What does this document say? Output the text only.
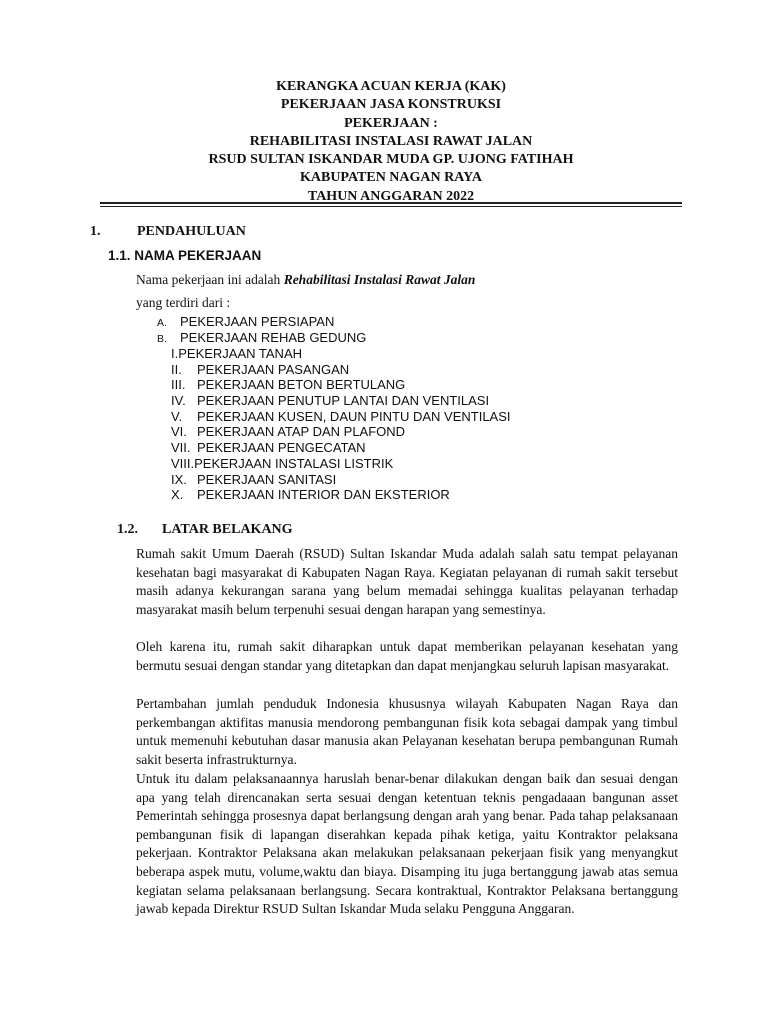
KERANGKA ACUAN KERJA (KAK)
PEKERJAAN JASA KONSTRUKSI
PEKERJAAN :
REHABILITASI INSTALASI RAWAT JALAN
RSUD SULTAN ISKANDAR MUDA GP. UJONG FATIHAH
KABUPATEN NAGAN RAYA
TAHUN ANGGARAN 2022
1.	PENDAHULUAN
1.1. NAMA PEKERJAAN
Nama pekerjaan ini adalah Rehabilitasi Instalasi Rawat Jalan
yang terdiri dari :
A. PEKERJAAN PERSIAPAN
B. PEKERJAAN REHAB GEDUNG
I.PEKERJAAN TANAH
II. PEKERJAAN PASANGAN
III. PEKERJAAN BETON BERTULANG
IV. PEKERJAAN PENUTUP LANTAI DAN VENTILASI
V. PEKERJAAN KUSEN, DAUN PINTU DAN VENTILASI
VI. PEKERJAAN ATAP DAN PLAFOND
VII. PEKERJAAN PENGECATAN
VIII.PEKERJAAN INSTALASI LISTRIK
IX. PEKERJAAN SANITASI
X. PEKERJAAN INTERIOR DAN EKSTERIOR
1.2. LATAR BELAKANG
Rumah sakit Umum Daerah (RSUD) Sultan Iskandar Muda adalah salah satu tempat pelayanan kesehatan bagi masyarakat di Kabupaten Nagan Raya. Kegiatan pelayanan di rumah sakit tersebut masih adanya kekurangan sarana yang belum memadai sehingga kualitas pelayanan terhadap masyarakat masih belum terpenuhi sesuai dengan harapan yang semestinya.
Oleh karena itu, rumah sakit diharapkan untuk dapat memberikan pelayanan kesehatan yang bermutu sesuai dengan standar yang ditetapkan dan dapat menjangkau seluruh lapisan masyarakat.
Pertambahan jumlah penduduk Indonesia khususnya wilayah Kabupaten Nagan Raya dan perkembangan aktifitas manusia mendorong pembangunan fisik kota sebagai dampak yang timbul untuk memenuhi kebutuhan dasar manusia akan Pelayanan kesehatan berupa pembangunan Rumah sakit beserta infrastrukturnya.
Untuk itu dalam pelaksanaannya haruslah benar-benar dilakukan dengan baik dan sesuai dengan apa yang telah direncanakan serta sesuai dengan ketentuan teknis pengadaaan bangunan asset Pemerintah sehingga prosesnya dapat berlangsung dengan arah yang benar. Pada tahap pelaksanaan pembangunan fisik di lapangan diserahkan kepada pihak ketiga, yaitu Kontraktor pelaksana pekerjaan. Kontraktor Pelaksana akan melakukan pelaksanaan pekerjaan fisik yang menyangkut beberapa aspek mutu, volume,waktu dan biaya. Disamping itu juga bertanggung jawab atas semua kegiatan selama pelaksanaan berlangsung. Secara kontraktual, Kontraktor Pelaksana bertanggung jawab kepada Direktur RSUD Sultan Iskandar Muda selaku Pengguna Anggaran.
